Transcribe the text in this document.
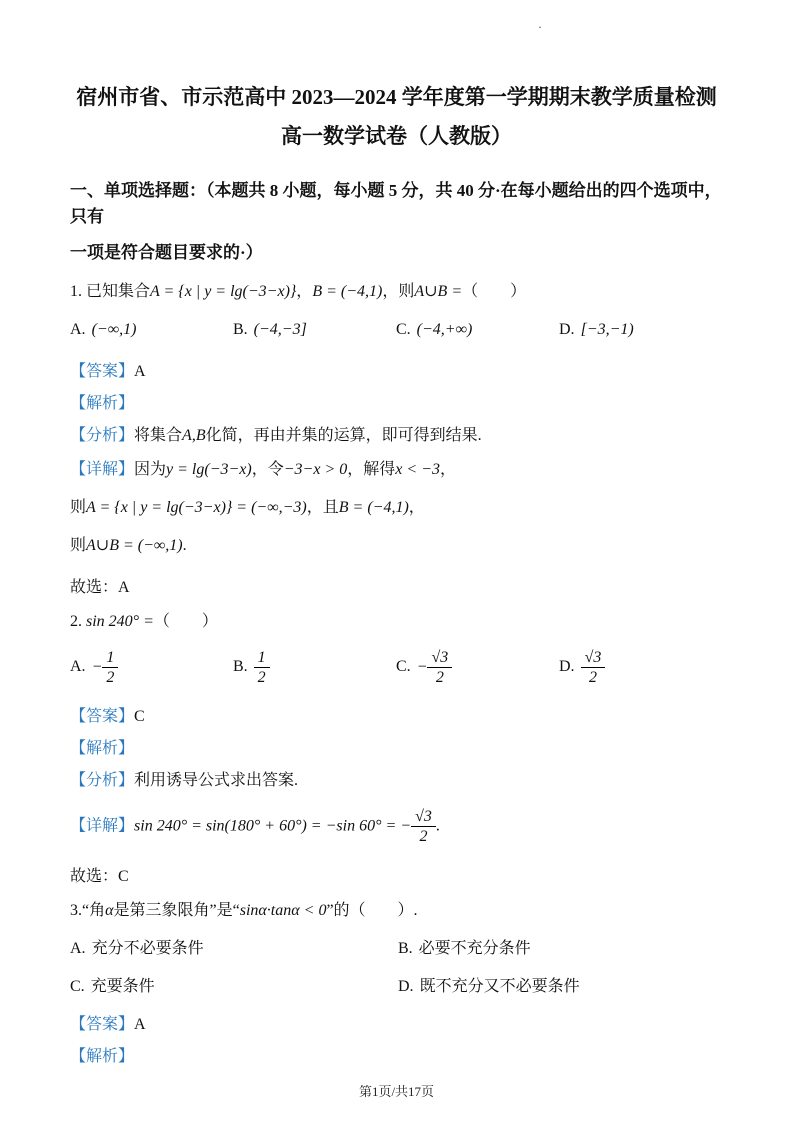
·
宿州市省、市示范高中 2023—2024 学年度第一学期期末教学质量检测
高一数学试卷（人教版）
一、单项选择题：（本题共 8 小题，每小题 5 分，共 40 分·在每小题给出的四个选项中，只有
一项是符合题目要求的·）
1. 已知集合A = {x | y = lg(−3−x)}，B = (−4,1)，则A∪B =（　　）
A. (−∞,1)	B. (−4,−3]	C. (−4,+∞)	D. [−3,−1)
【答案】A
【解析】
【分析】将集合A,B化简，再由并集的运算，即可得到结果.
【详解】因为y = lg(−3−x)，令−3−x > 0，解得x < −3，
则A = {x | y = lg(−3−x)} = (−∞,−3)，且B = (−4,1)，
则A∪B = (−∞,1).
故选：A
2. sin 240° =（　　）
A. − $\frac{1}{2}$	B. $\frac{1}{2}$	C. − $\frac{√3}{2}$	D. $\frac{√3}{2}$
【答案】C
【解析】
【分析】利用诱导公式求出答案.
【详解】sin 240° = sin(180° + 60°) = −sin 60° = − $\frac{√3}{2}$ .
故选：C
3.“角α是第三象限角”是“sinα·tanα < 0”的（　　）.
A. 充分不必要条件	B. 必要不充分条件
C. 充要条件	D. 既不充分又不必要条件
【答案】A
【解析】
第1页/共17页
